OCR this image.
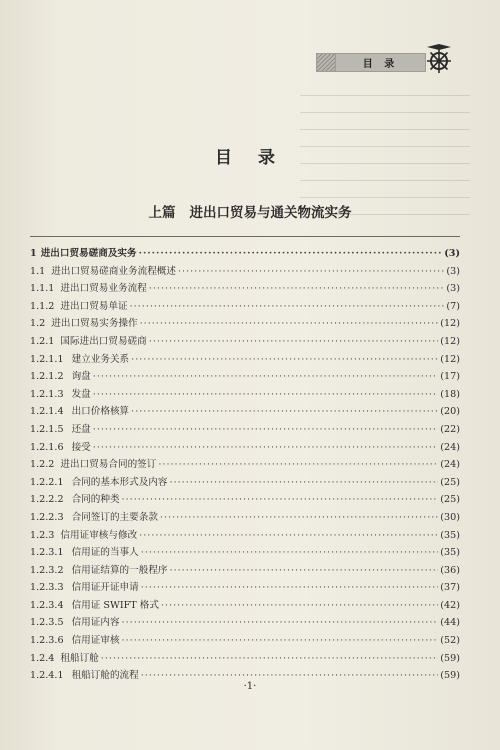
目 录
目 录
上篇 进出口贸易与通关物流实务
1 进出口贸易磋商及实务 ·····	(3)
1.1 进出口贸易磋商业务流程概述 ·····	(3)
1.1.1 进出口贸易业务流程 ·····	(3)
1.1.2 进出口贸易单证 ·····	(7)
1.2 进出口贸易实务操作 ·····	(12)
1.2.1 国际进出口贸易磋商 ·····	(12)
1.2.1.1 建立业务关系 ·····	(12)
1.2.1.2 询盘 ·····	(17)
1.2.1.3 发盘 ·····	(18)
1.2.1.4 出口价格核算 ·····	(20)
1.2.1.5 还盘 ·····	(22)
1.2.1.6 接受 ·····	(24)
1.2.2 进出口贸易合同的签订 ·····	(24)
1.2.2.1 合同的基本形式及内容 ·····	(25)
1.2.2.2 合同的种类 ·····	(25)
1.2.2.3 合同签订的主要条款 ·····	(30)
1.2.3 信用证审核与修改 ·····	(35)
1.2.3.1 信用证的当事人 ·····	(35)
1.2.3.2 信用证结算的一般程序 ·····	(36)
1.2.3.3 信用证开证申请 ·····	(37)
1.2.3.4 信用证 SWIFT 格式 ·····	(42)
1.2.3.5 信用证内容 ·····	(44)
1.2.3.6 信用证审核 ·····	(52)
1.2.4 租船订舱 ·····	(59)
1.2.4.1 租船订舱的流程 ·····	(59)
·1·
